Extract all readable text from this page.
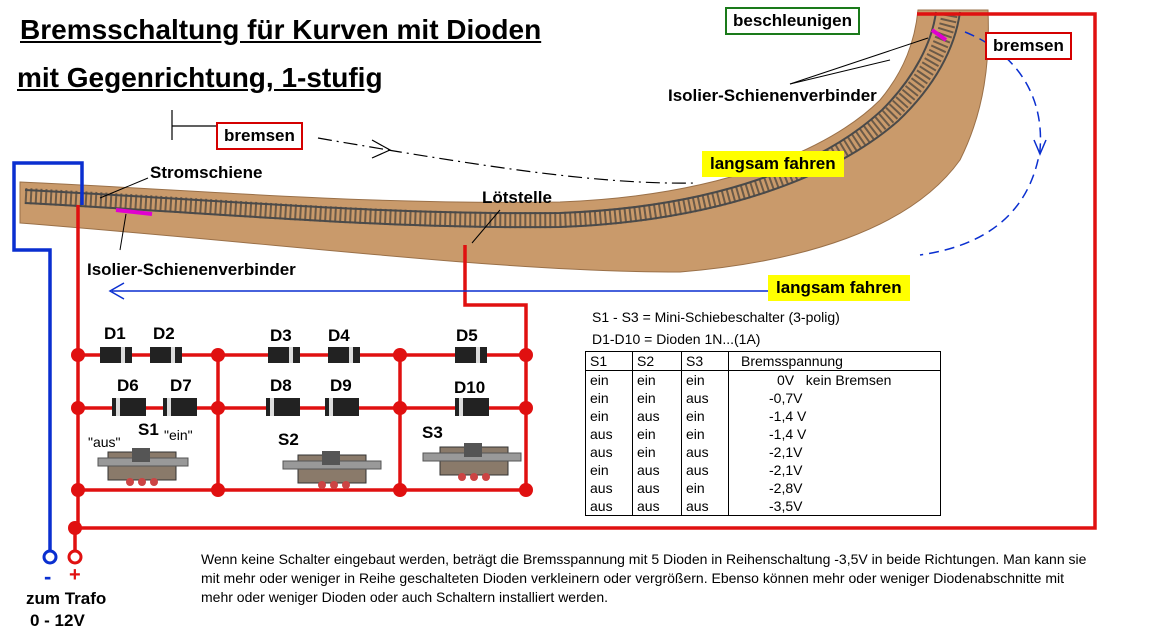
Bremsschaltung für Kurven mit Dioden
mit Gegenrichtung, 1-stufig
beschleunigen
bremsen
bremsen
Isolier-Schienenverbinder
Stromschiene
Lötstelle
Isolier-Schienenverbinder
langsam fahren
langsam fahren
D1 D2	D3 D4	D5
D6 D7	D8 D9	D10
S1
S2	S3
"aus"	"ein"
S1 - S3 = Mini-Schiebeschalter (3-polig)
D1-D10 = Dioden 1N...(1A)
S1	S2	S3	Bremsspannung
ein	ein	ein	0V   kein Bremsen
ein	ein	aus	-0,7V
ein	aus	ein	-1,4 V
aus	ein	ein	-1,4 V
aus	ein	aus	-2,1V
ein	aus	aus	-2,1V
aus	aus	ein	-2,8V
aus	aus	aus	-3,5V
- +
zum Trafo
0 - 12V
Wenn keine Schalter eingebaut werden, beträgt die Bremsspannung mit 5 Dioden in Reihenschaltung -3,5V in beide Richtungen. Man kann sie mit mehr oder weniger in Reihe geschalteten Dioden verkleinern oder vergrößern. Ebenso können mehr oder weniger Diodenabschnitte mit mehr oder weniger Dioden oder auch Schaltern installiert werden.
